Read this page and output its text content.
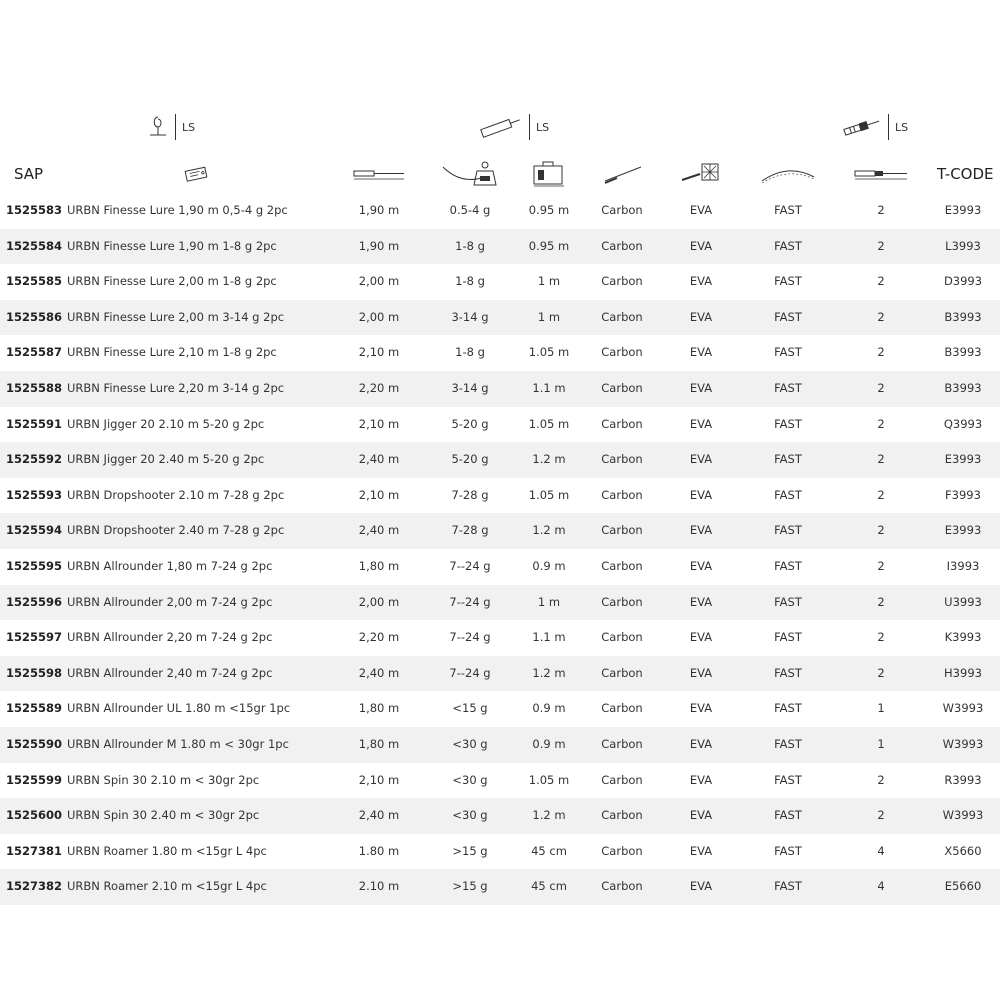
LS	LS	LS
SAP	T-CODE
1525583 URBN Finesse Lure 1,90 m 0,5-4 g 2pc	1,90 m	0.5-4 g	0.95 m	Carbon	EVA	FAST	2	E3993
1525584 URBN Finesse Lure 1,90 m 1-8 g 2pc	1,90 m	1-8 g	0.95 m	Carbon	EVA	FAST	2	L3993
1525585 URBN Finesse Lure 2,00 m 1-8 g 2pc	2,00 m	1-8 g	1 m	Carbon	EVA	FAST	2	D3993
1525586 URBN Finesse Lure 2,00 m 3-14 g 2pc	2,00 m	3-14 g	1 m	Carbon	EVA	FAST	2	B3993
1525587 URBN Finesse Lure 2,10 m 1-8 g 2pc	2,10 m	1-8 g	1.05 m	Carbon	EVA	FAST	2	B3993
1525588 URBN Finesse Lure 2,20 m 3-14 g 2pc	2,20 m	3-14 g	1.1 m	Carbon	EVA	FAST	2	B3993
1525591 URBN Jigger 20 2.10 m 5-20 g 2pc	2,10 m	5-20 g	1.05 m	Carbon	EVA	FAST	2	Q3993
1525592 URBN Jigger 20 2.40 m 5-20 g 2pc	2,40 m	5-20 g	1.2 m	Carbon	EVA	FAST	2	E3993
1525593 URBN Dropshooter 2.10 m 7-28 g 2pc	2,10 m	7-28 g	1.05 m	Carbon	EVA	FAST	2	F3993
1525594 URBN Dropshooter 2.40 m 7-28 g 2pc	2,40 m	7-28 g	1.2 m	Carbon	EVA	FAST	2	E3993
1525595 URBN Allrounder 1,80 m 7-24 g 2pc	1,80 m	7--24 g	0.9 m	Carbon	EVA	FAST	2	I3993
1525596 URBN Allrounder 2,00 m 7-24 g 2pc	2,00 m	7--24 g	1 m	Carbon	EVA	FAST	2	U3993
1525597 URBN Allrounder 2,20 m 7-24 g 2pc	2,20 m	7--24 g	1.1 m	Carbon	EVA	FAST	2	K3993
1525598 URBN Allrounder 2,40 m 7-24 g 2pc	2,40 m	7--24 g	1.2 m	Carbon	EVA	FAST	2	H3993
1525589 URBN Allrounder UL 1.80 m <15gr 1pc	1,80 m	<15 g	0.9 m	Carbon	EVA	FAST	1	W3993
1525590 URBN Allrounder M 1.80 m < 30gr 1pc	1,80 m	<30 g	0.9 m	Carbon	EVA	FAST	1	W3993
1525599 URBN Spin 30 2.10 m < 30gr 2pc	2,10 m	<30 g	1.05 m	Carbon	EVA	FAST	2	R3993
1525600 URBN Spin 30 2.40 m < 30gr 2pc	2,40 m	<30 g	1.2 m	Carbon	EVA	FAST	2	W3993
1527381 URBN Roamer 1.80 m <15gr L 4pc	1.80 m	>15 g	45 cm	Carbon	EVA	FAST	4	X5660
1527382 URBN Roamer 2.10 m <15gr L 4pc	2.10 m	>15 g	45 cm	Carbon	EVA	FAST	4	E5660
